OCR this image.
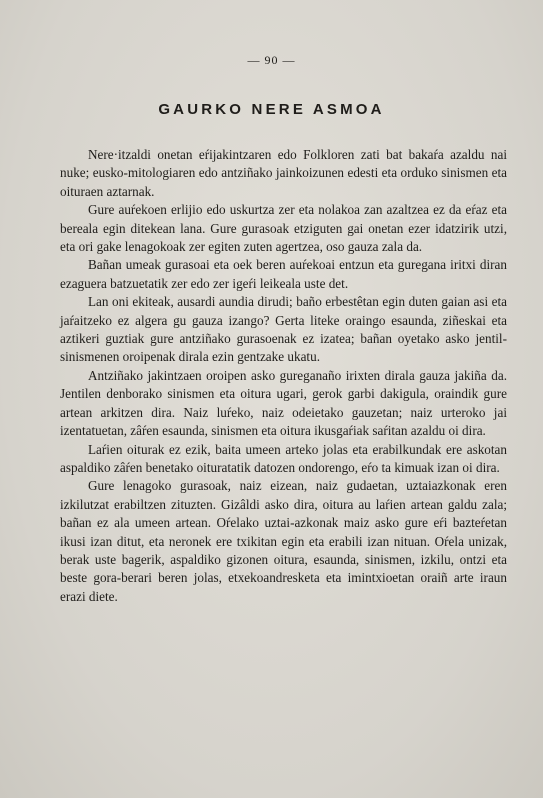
— 90 —
GAURKO NERE ASMOA

Nere·itzaldi onetan eŕijakintzaren edo Folkloren zati bat bakaŕa azaldu nai nuke; eusko-mitologiaren edo antziñako jainkoizunen edesti eta orduko sinismen eta oituraen aztarnak.

Gure auŕekoen erlijio edo uskurtza zer eta nolakoa zan azaltzea ez da eŕaz eta bereala egin ditekean lana. Gure gurasoak etziguten gai onetan ezer idatzirik utzi, eta ori gake lenagokoak zer egiten zuten agertzea, oso gauza zala da.

Bañan umeak gurasoai eta oek beren auŕekoai entzun eta guregana iritxi diran ezaguera batzuetatik zer edo zer igeŕi leikeala uste det.

Lan oni ekiteak, ausardi aundia dirudi; baño erbestêtan egin duten gaian asi eta jaŕaitzeko ez algera gu gauza izango? Gerta liteke oraingo esaunda, ziñeskai eta aztikeri guztiak gure antziñako gurasoenak ez izatea; bañan oyetako asko jentil-sinismenen oroipenak dirala ezin gentzake ukatu.

Antziñako jakintzaen oroipen asko gureganaño irixten dirala gauza jakiña da. Jentilen denborako sinismen eta oitura ugari, gerok garbi dakigula, oraindik gure artean arkitzen dira. Naiz luŕeko, naiz odeietako gauzetan; naiz urteroko jai izentatuetan, zâŕen esaunda, sinismen eta oitura ikusgaŕiak saŕitan azaldu oi dira.

Laŕien oiturak ez ezik, baita umeen arteko jolas eta erabilkundak ere askotan aspaldiko zâŕen benetako oituratatik datozen ondorengo, eŕo ta kimuak izan oi dira.

Gure lenagoko gurasoak, naiz eizean, naiz gudaetan, uztaiazkonak eren izkilutzat erabiltzen zituzten. Gizâldi asko dira, oitura au laŕien artean galdu zala; bañan ez ala umeen artean. Oŕelako uztai-azkonak maiz asko gure eŕi bazteŕetan ikusi izan ditut, eta neronek ere txikitan egin eta erabili izan nituan. Oŕela unizak, berak uste bagerik, aspaldiko gizonen oitura, esaunda, sinismen, izkilu, ontzi eta beste gora-berari beren jolas, etxekoandresketa eta imintxioetan oraiñ arte iraun erazi diete.
